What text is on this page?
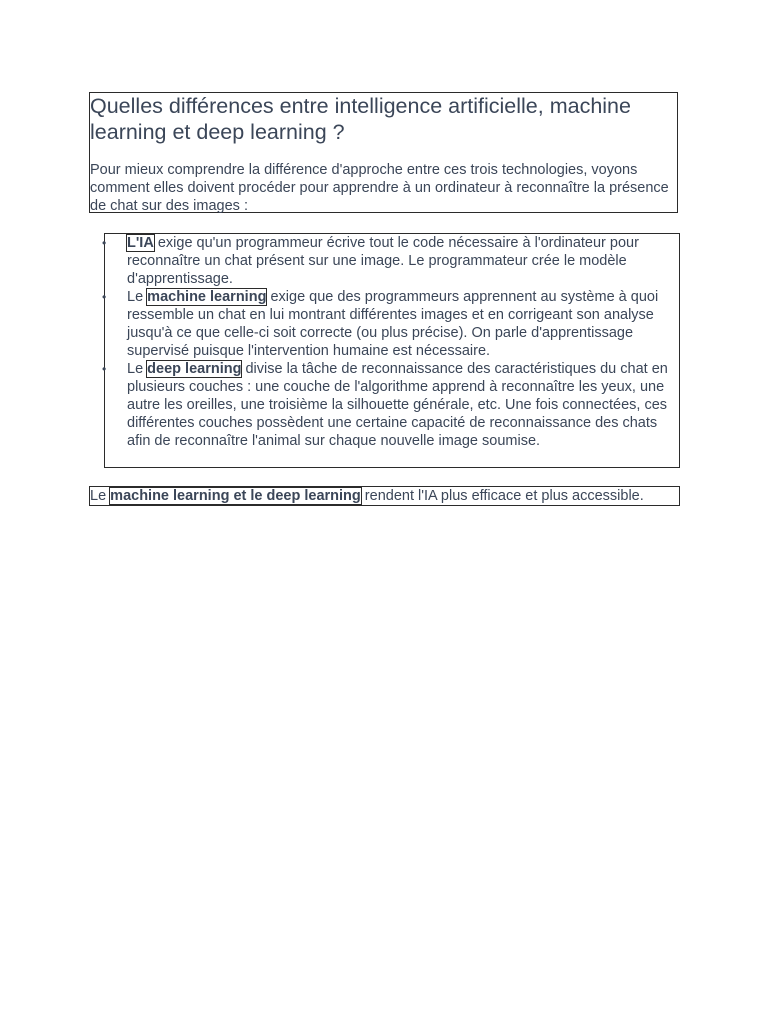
Quelles différences entre intelligence artificielle, machine learning et deep learning ?

Pour mieux comprendre la différence d'approche entre ces trois technologies, voyons comment elles doivent procéder pour apprendre à un ordinateur à reconnaître la présence de chat sur des images :

• L'IA exige qu'un programmeur écrive tout le code nécessaire à l'ordinateur pour reconnaître un chat présent sur une image. Le programmateur crée le modèle d'apprentissage.
• Le machine learning exige que des programmeurs apprennent au système à quoi ressemble un chat en lui montrant différentes images et en corrigeant son analyse jusqu'à ce que celle-ci soit correcte (ou plus précise). On parle d'apprentissage supervisé puisque l'intervention humaine est nécessaire.
• Le deep learning divise la tâche de reconnaissance des caractéristiques du chat en plusieurs couches : une couche de l'algorithme apprend à reconnaître les yeux, une autre les oreilles, une troisième la silhouette générale, etc. Une fois connectées, ces différentes couches possèdent une certaine capacité de reconnaissance des chats afin de reconnaître l'animal sur chaque nouvelle image soumise.
Le machine learning et le deep learning rendent l'IA plus efficace et plus accessible.
